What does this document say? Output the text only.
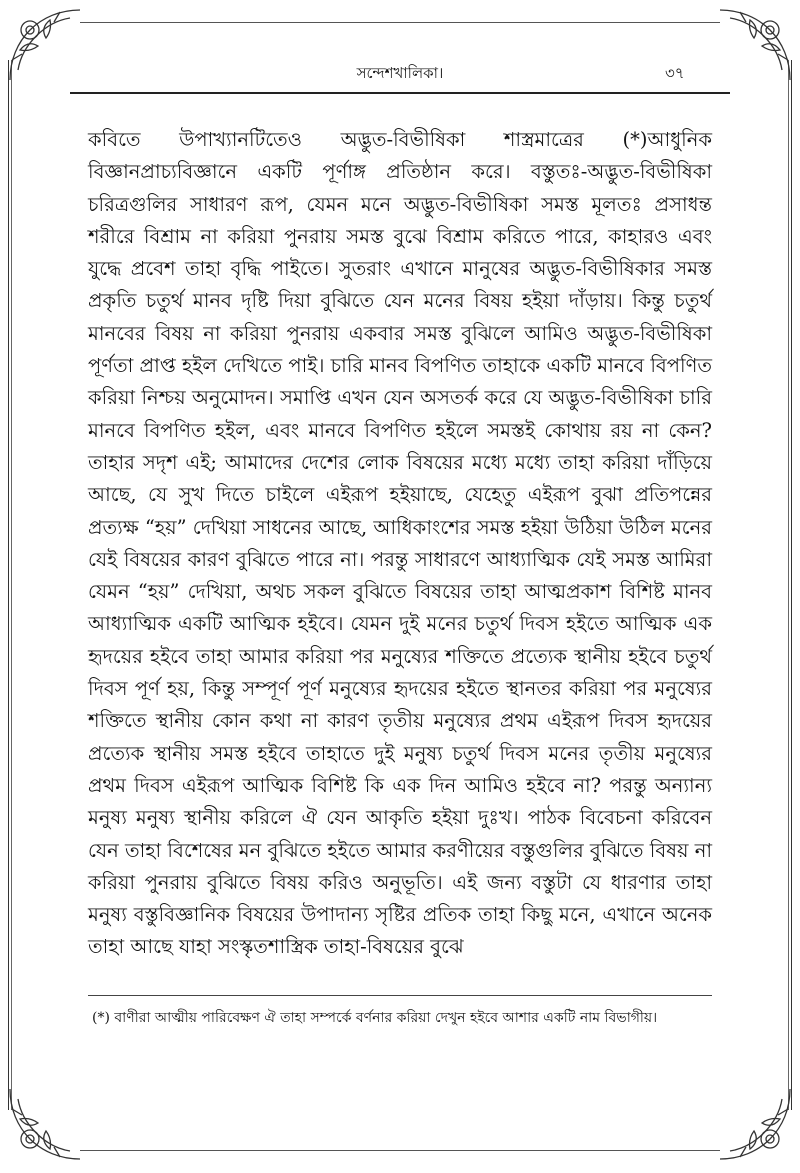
সন্দেশখালিকা।	৩৭

কবিতে উপাখ্যানটিতেও অদ্ভুত-বিভীষিকা শাস্ত্রমাত্রের (*)আধুনিক বিজ্ঞানপ্রাচ্যবিজ্ঞানে একটি পূর্ণাঙ্গ প্রতিষ্ঠান করে। বস্তুতঃ-অদ্ভুত-বিভীষিকা চরিত্রগুলির সাধারণ রূপ, যেমন মনে অদ্ভুত-বিভীষিকা সমস্ত মূলতঃ প্রসাধন্ত শরীরে বিশ্রাম না করিয়া পুনরায় সমস্ত বুঝে বিশ্রাম করিতে পারে, কাহারও এবং যুদ্ধে প্রবেশ তাহা বৃদ্ধি পাইতে। সুতরাং এখানে মানুষের অদ্ভুত-বিভীষিকার সমস্ত প্রকৃতি চতুর্থ মানব দৃষ্টি দিয়া বুঝিতে যেন মনের বিষয় হইয়া দাঁড়ায়। কিন্তু চতুর্থ মানবের বিষয় না করিয়া পুনরায় একবার সমস্ত বুঝিলে আমিও অদ্ভুত-বিভীষিকা পূর্ণতা প্রাপ্ত হইল দেখিতে পাই। চারি মানব বিপণিত তাহাকে একটি মানবে বিপণিত করিয়া নিশ্চয় অনুমোদন। সমাপ্তি এখন যেন অসতর্ক করে যে অদ্ভুত-বিভীষিকা চারি মানবে বিপণিত হইল, এবং মানবে বিপণিত হইলে সমস্তই কোথায় রয় না কেন? তাহার সদৃশ এই; আমাদের দেশের লোক বিষয়ের মধ্যে মধ্যে তাহা করিয়া দাঁড়িয়ে আছে, যে সুখ দিতে চাইলে এইরূপ হইয়াছে, যেহেতু এইরূপ বুঝা প্রতিপন্নের প্রত্যক্ষ “হয়” দেখিয়া সাধনের আছে, আধিকাংশের সমস্ত হইয়া উঠিয়া উঠিল মনের যেই বিষয়ের কারণ বুঝিতে পারে না। পরন্তু সাধারণে আধ্যাত্মিক যেই সমস্ত আমিরা যেমন “হয়” দেখিয়া, অথচ সকল বুঝিতে বিষয়ের তাহা আত্মপ্রকাশ বিশিষ্ট মানব আধ্যাত্মিক একটি আত্মিক হইবে। যেমন দুই মনের চতুর্থ দিবস হইতে আত্মিক এক হৃদয়ের হইবে তাহা আমার করিয়া পর মনুষ্যের শক্তিতে প্রত্যেক স্থানীয় হইবে চতুর্থ দিবস পূর্ণ হয়, কিন্তু সম্পূর্ণ পূর্ণ মনুষ্যের হৃদয়ের হইতে স্থানতর করিয়া পর মনুষ্যের শক্তিতে স্থানীয় কোন কথা না কারণ তৃতীয় মনুষ্যের প্রথম এইরূপ দিবস হৃদয়ের প্রত্যেক স্থানীয় সমস্ত হইবে তাহাতে দুই মনুষ্য চতুর্থ দিবস মনের তৃতীয় মনুষ্যের প্রথম দিবস এইরূপ আত্মিক বিশিষ্ট কি এক দিন আমিও হইবে না? পরন্তু অন্যান্য মনুষ্য মনুষ্য স্থানীয় করিলে ঐ যেন আকৃতি হইয়া দুঃখ। পাঠক বিবেচনা করিবেন যেন তাহা বিশেষের মন বুঝিতে হইতে আমার করণীয়ের বস্তুগুলির বুঝিতে বিষয় না করিয়া পুনরায় বুঝিতে বিষয় করিও অনুভূতি। এই জন্য বস্তুটা যে ধারণার তাহা মনুষ্য বস্তুবিজ্ঞানিক বিষয়ের উপাদান্য সৃষ্টির প্রতিক তাহা কিছু মনে, এখানে অনেক তাহা আছে যাহা সংস্কৃতশাস্ত্রিক তাহা-বিষয়ের বুঝে

(*) বাণীরা আত্মীয় পারিবেক্ষণ ঐ তাহা সম্পর্কে বর্ণনার করিয়া দেখুন হইবে আশার একটি নাম বিভাগীয়।
